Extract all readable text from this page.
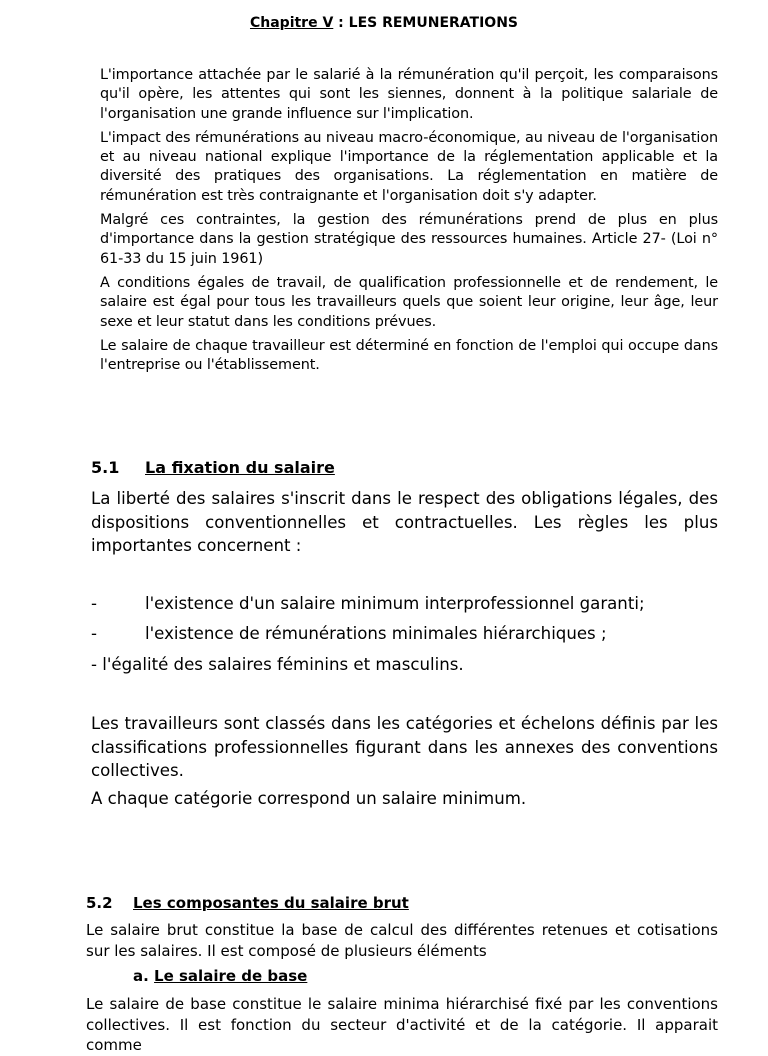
Chapitre V : LES REMUNERATIONS

L'importance attachée par le salarié à la rémunération qu'il perçoit, les comparaisons qu'il opère, les attentes qui sont les siennes, donnent à la politique salariale de l'organisation une grande influence sur l'implication.

L'impact des rémunérations au niveau macro-économique, au niveau de l'organisation et au niveau national explique l'importance de la réglementation applicable et la diversité des pratiques des organisations. La réglementation en matière de rémunération est très contraignante et l'organisation doit s'y adapter.

Malgré ces contraintes, la gestion des rémunérations prend de plus en plus d'importance dans la gestion stratégique des ressources humaines. Article 27- (Loi n° 61-33 du 15 juin 1961)

A conditions égales de travail, de qualification professionnelle et de rendement, le salaire est égal pour tous les travailleurs quels que soient leur origine, leur âge, leur sexe et leur statut dans les conditions prévues.

Le salaire de chaque travailleur est déterminé en fonction de l'emploi qui occupe dans l'entreprise ou l'établissement.

5.1 La fixation du salaire

La liberté des salaires s'inscrit dans le respect des obligations légales, des dispositions conventionnelles et contractuelles. Les règles les plus importantes concernent :

-	l'existence d'un salaire minimum interprofessionnel garanti;
-	l'existence de rémunérations minimales hiérarchiques ;
- l'égalité des salaires féminins et masculins.

Les travailleurs sont classés dans les catégories et échelons définis par les classifications professionnelles figurant dans les annexes des conventions collectives.

A chaque catégorie correspond un salaire minimum.

5.2 Les composantes du salaire brut

Le salaire brut constitue la base de calcul des différentes retenues et cotisations sur les salaires. Il est composé de plusieurs éléments

a. Le salaire de base

Le salaire de base constitue le salaire minima hiérarchisé fixé par les conventions collectives. Il est fonction du secteur d'activité et de la catégorie. Il apparait comme
